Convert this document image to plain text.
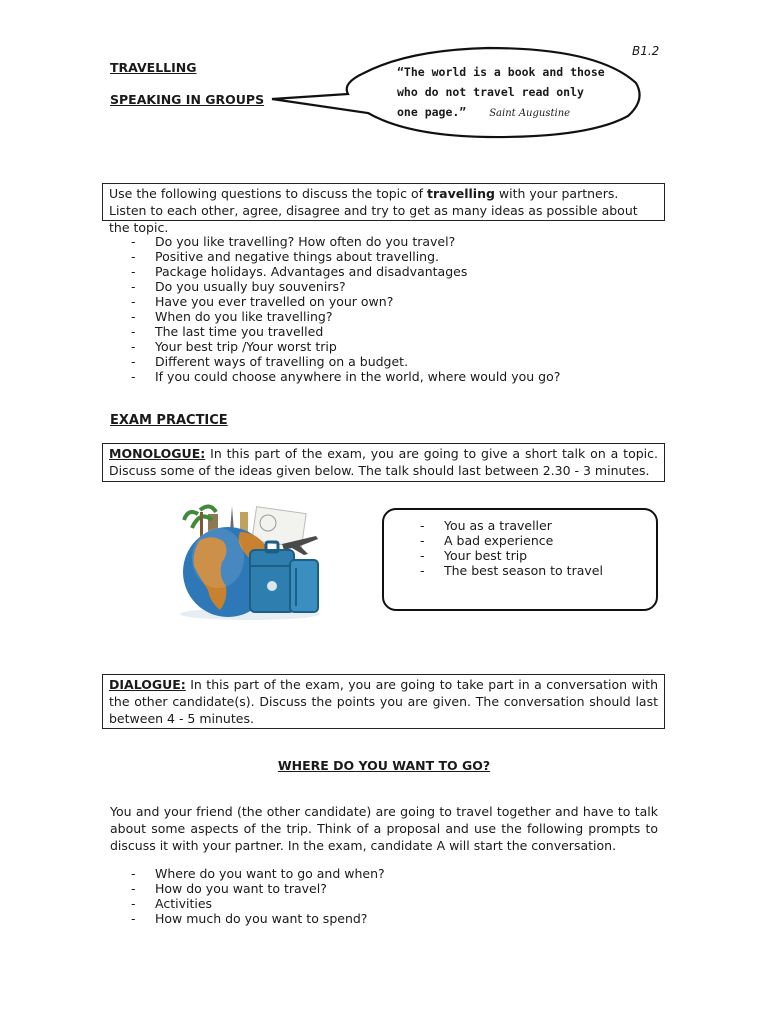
B1.2
TRAVELLING
SPEAKING IN GROUPS
“The world is a book and those who do not travel read only one page.” Saint Augustine
Use the following questions to discuss the topic of travelling with your partners. Listen to each other, agree, disagree and try to get as many ideas as possible about the topic.
- Do you like travelling? How often do you travel?
- Positive and negative things about travelling.
- Package holidays. Advantages and disadvantages
- Do you usually buy souvenirs?
- Have you ever travelled on your own?
- When do you like travelling?
- The last time you travelled
- Your best trip /Your worst trip
- Different ways of travelling on a budget.
- If you could choose anywhere in the world, where would you go?
EXAM PRACTICE
MONOLOGUE: In this part of the exam, you are going to give a short talk on a topic. Discuss some of the ideas given below. The talk should last between 2.30 - 3 minutes.
- You as a traveller
- A bad experience
- Your best trip
- The best season to travel
DIALOGUE: In this part of the exam, you are going to take part in a conversation with the other candidate(s). Discuss the points you are given. The conversation should last between 4 - 5 minutes.
WHERE DO YOU WANT TO GO?
You and your friend (the other candidate) are going to travel together and have to talk about some aspects of the trip. Think of a proposal and use the following prompts to discuss it with your partner. In the exam, candidate A will start the conversation.
- Where do you want to go and when?
- How do you want to travel?
- Activities
- How much do you want to spend?
